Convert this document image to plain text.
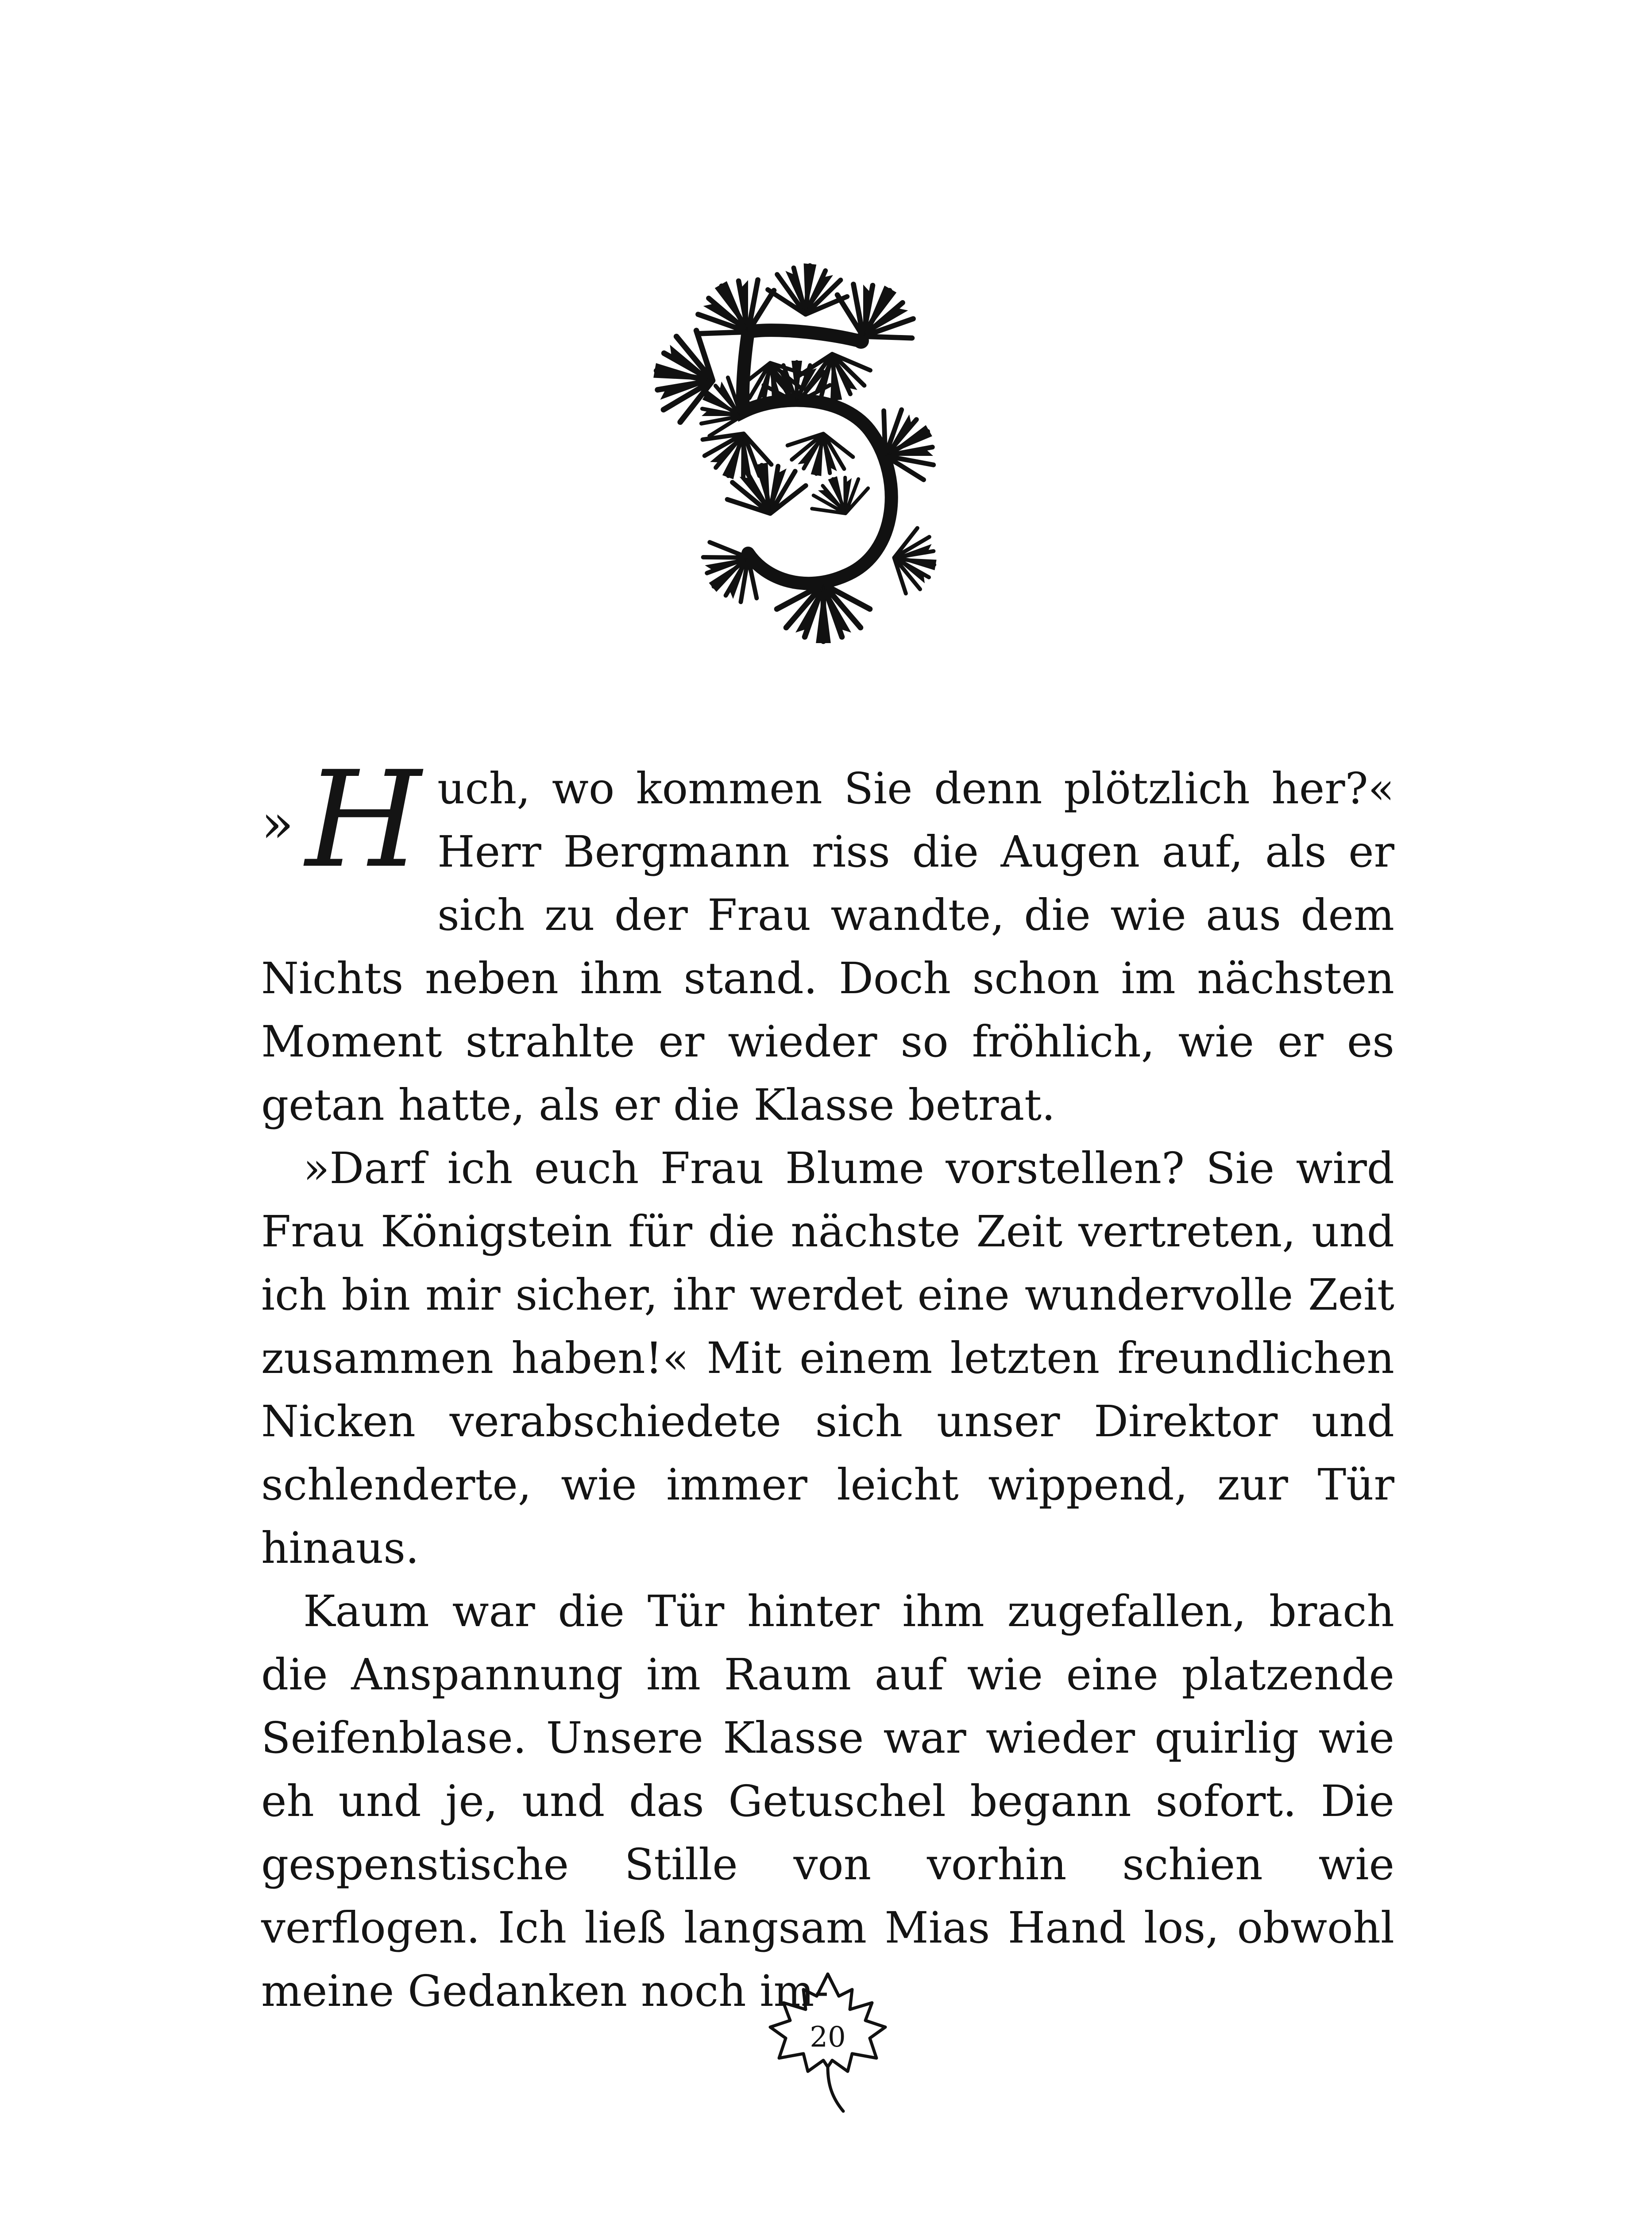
» H uch, wo kommen Sie denn plötzlich her?« Herr Bergmann riss die Augen auf, als er sich zu der Frau wandte, die wie aus dem Nichts neben ihm stand. Doch schon im nächsten Moment strahlte er wieder so fröhlich, wie er es getan hatte, als er die Klasse betrat.

»Darf ich euch Frau Blume vorstellen? Sie wird Frau Königstein für die nächste Zeit vertreten, und ich bin mir sicher, ihr werdet eine wundervolle Zeit zusammen haben!« Mit einem letzten freundlichen Nicken verabschiedete sich unser Direktor und schlenderte, wie immer leicht wippend, zur Tür hinaus.

Kaum war die Tür hinter ihm zugefallen, brach die Anspannung im Raum auf wie eine platzende Seifenblase. Unsere Klasse war wieder quirlig wie eh und je, und das Getuschel begann sofort. Die gespenstische Stille von vorhin schien wie verflogen. Ich ließ langsam Mias Hand los, obwohl meine Gedanken noch im-

20
